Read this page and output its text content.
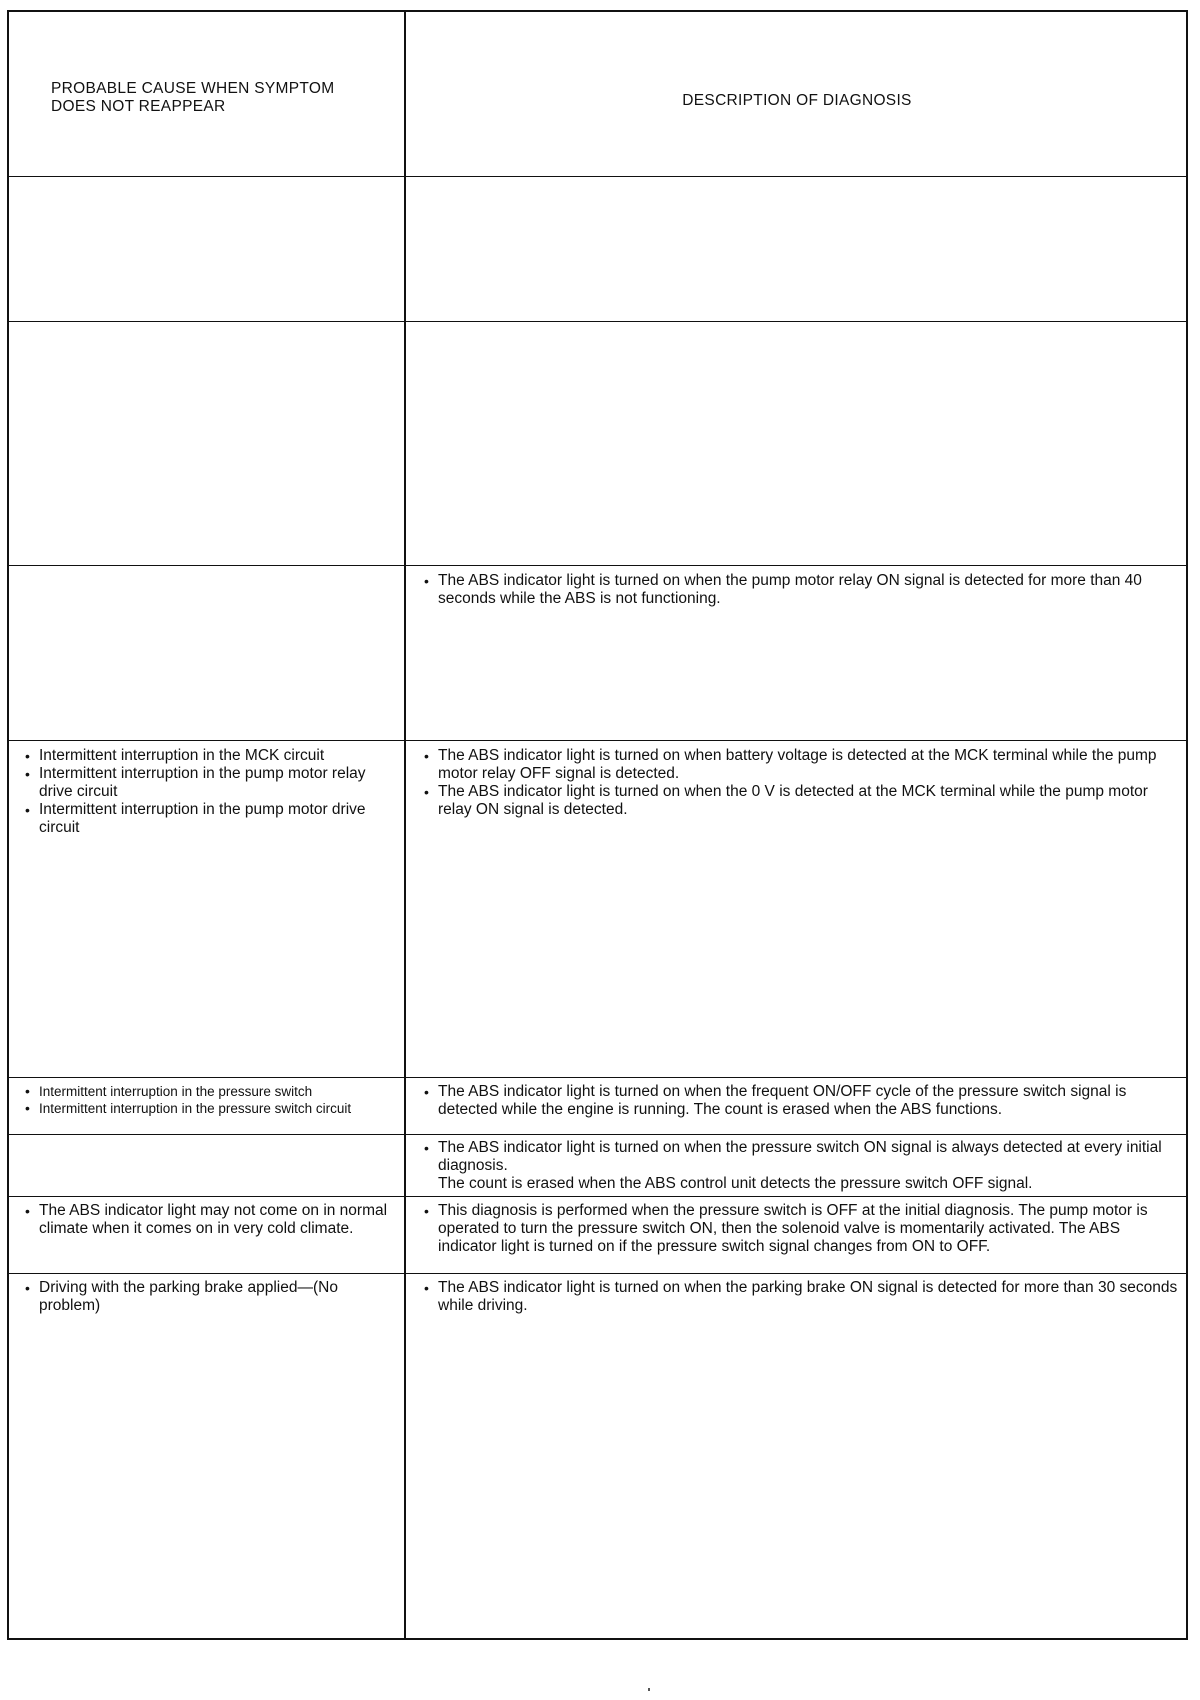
PROBABLE CAUSE WHEN SYMPTOM
DOES NOT REAPPEAR	DESCRIPTION OF DIAGNOSIS
• The ABS indicator light is turned on when the pump motor relay ON signal is detected for more than 40 seconds while the ABS is not functioning.
• Intermittent interruption in the MCK circuit
• Intermittent interruption in the pump motor relay drive circuit
• Intermittent interruption in the pump motor drive circuit
• The ABS indicator light is turned on when battery voltage is detected at the MCK terminal while the pump motor relay OFF signal is detected.
• The ABS indicator light is turned on when the 0 V is detected at the MCK terminal while the pump motor relay ON signal is detected.
• Intermittent interruption in the pressure switch
• Intermittent interruption in the pressure switch circuit
• The ABS indicator light is turned on when the frequent ON/OFF cycle of the pressure switch signal is detected while the engine is running. The count is erased when the ABS functions.
• The ABS indicator light is turned on when the pressure switch ON signal is always detected at every initial diagnosis.
The count is erased when the ABS control unit detects the pressure switch OFF signal.
• The ABS indicator light may not come on in normal climate when it comes on in very cold climate.
• This diagnosis is performed when the pressure switch is OFF at the initial diagnosis. The pump motor is operated to turn the pressure switch ON, then the solenoid valve is momentarily activated. The ABS indicator light is turned on if the pressure switch signal changes from ON to OFF.
• Driving with the parking brake applied—(No problem)
• The ABS indicator light is turned on when the parking brake ON signal is detected for more than 30 seconds while driving.
